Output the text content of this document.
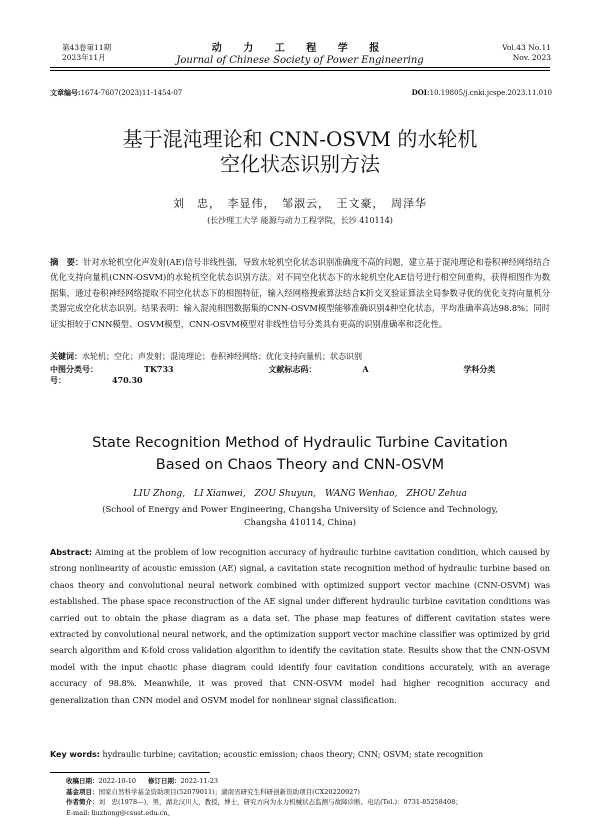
第43卷第11期
2023年11月
动 力 工 程 学 报
Journal of Chinese Society of Power Engineering
Vol.43 No.11
Nov. 2023
文章编号:1674-7607(2023)11-1454-07	DOI:10.19805/j.cnki.jcspe.2023.11.010
基于混沌理论和 CNN-OSVM 的水轮机
空化状态识别方法
刘　忠，　李显伟，　邹淑云，　王文豪，　周泽华
(长沙理工大学 能源与动力工程学院，长沙 410114)
摘　要：针对水轮机空化声发射(AE)信号非线性强，导致水轮机空化状态识别准确度不高的问题，建立基于混沌理论和卷积神经网络结合优化支持向量机(CNN-OSVM)的水轮机空化状态识别方法。对不同空化状态下的水轮机空化AE信号进行相空间重构，获得相图作为数据集，通过卷积神经网络提取不同空化状态下的相图特征，输入经网格搜索算法结合K折交叉验证算法全局参数寻优的优化支持向量机分类器完成空化状态识别。结果表明：输入混沌相图数据集的CNN-OSVM模型能够准确识别4种空化状态，平均准确率高达98.8%；同时证实相较于CNN模型、OSVM模型，CNN-OSVM模型对非线性信号分类具有更高的识别准确率和泛化性。
关键词：水轮机；空化；声发射；混沌理论；卷积神经网络；优化支持向量机；状态识别
中图分类号：	TK733	文献标志码：	A	学科分类号：	470.30
State Recognition Method of Hydraulic Turbine Cavitation
Based on Chaos Theory and CNN-OSVM
LIU Zhong,　LI Xianwei,　ZOU Shuyun,　WANG Wenhao,　ZHOU Zehua
(School of Energy and Power Engineering, Changsha University of Science and Technology,
Changsha 410114, China)
Abstract: Aiming at the problem of low recognition accuracy of hydraulic turbine cavitation condition, which caused by strong nonlinearity of acoustic emission (AE) signal, a cavitation state recognition method of hydraulic turbine based on chaos theory and convolutional neural network combined with optimized support vector machine (CNN-OSVM) was established. The phase space reconstruction of the AE signal under different hydraulic turbine cavitation conditions was carried out to obtain the phase diagram as a data set. The phase map features of different cavitation states were extracted by convolutional neural network, and the optimization support vector machine classifier was optimized by grid search algorithm and K-fold cross validation algorithm to identify the cavitation state. Results show that the CNN-OSVM model with the input chaotic phase diagram could identify four cavitation conditions accurately, with an average accuracy of 98.8%. Meanwhile, it was proved that CNN-OSVM model had higher recognition accuracy and generalization than CNN model and OSVM model for nonlinear signal classification.
Key words: hydraulic turbine; cavitation; acoustic emission; chaos theory; CNN; OSVM; state recognition
收稿日期：2022-10-10 修订日期：2022-11-23
基金项目：国家自然科学基金资助项目(52079011)；湖南省研究生科研创新资助项目(CX20220927)
作者简介：刘　忠(1978—)，男，湖北汉川人，教授，博士，研究方向为水力机械状态监测与故障诊断。电话(Tel.)：0731-85258408；
E-mail: liuzhong@csust.edu.cn。
